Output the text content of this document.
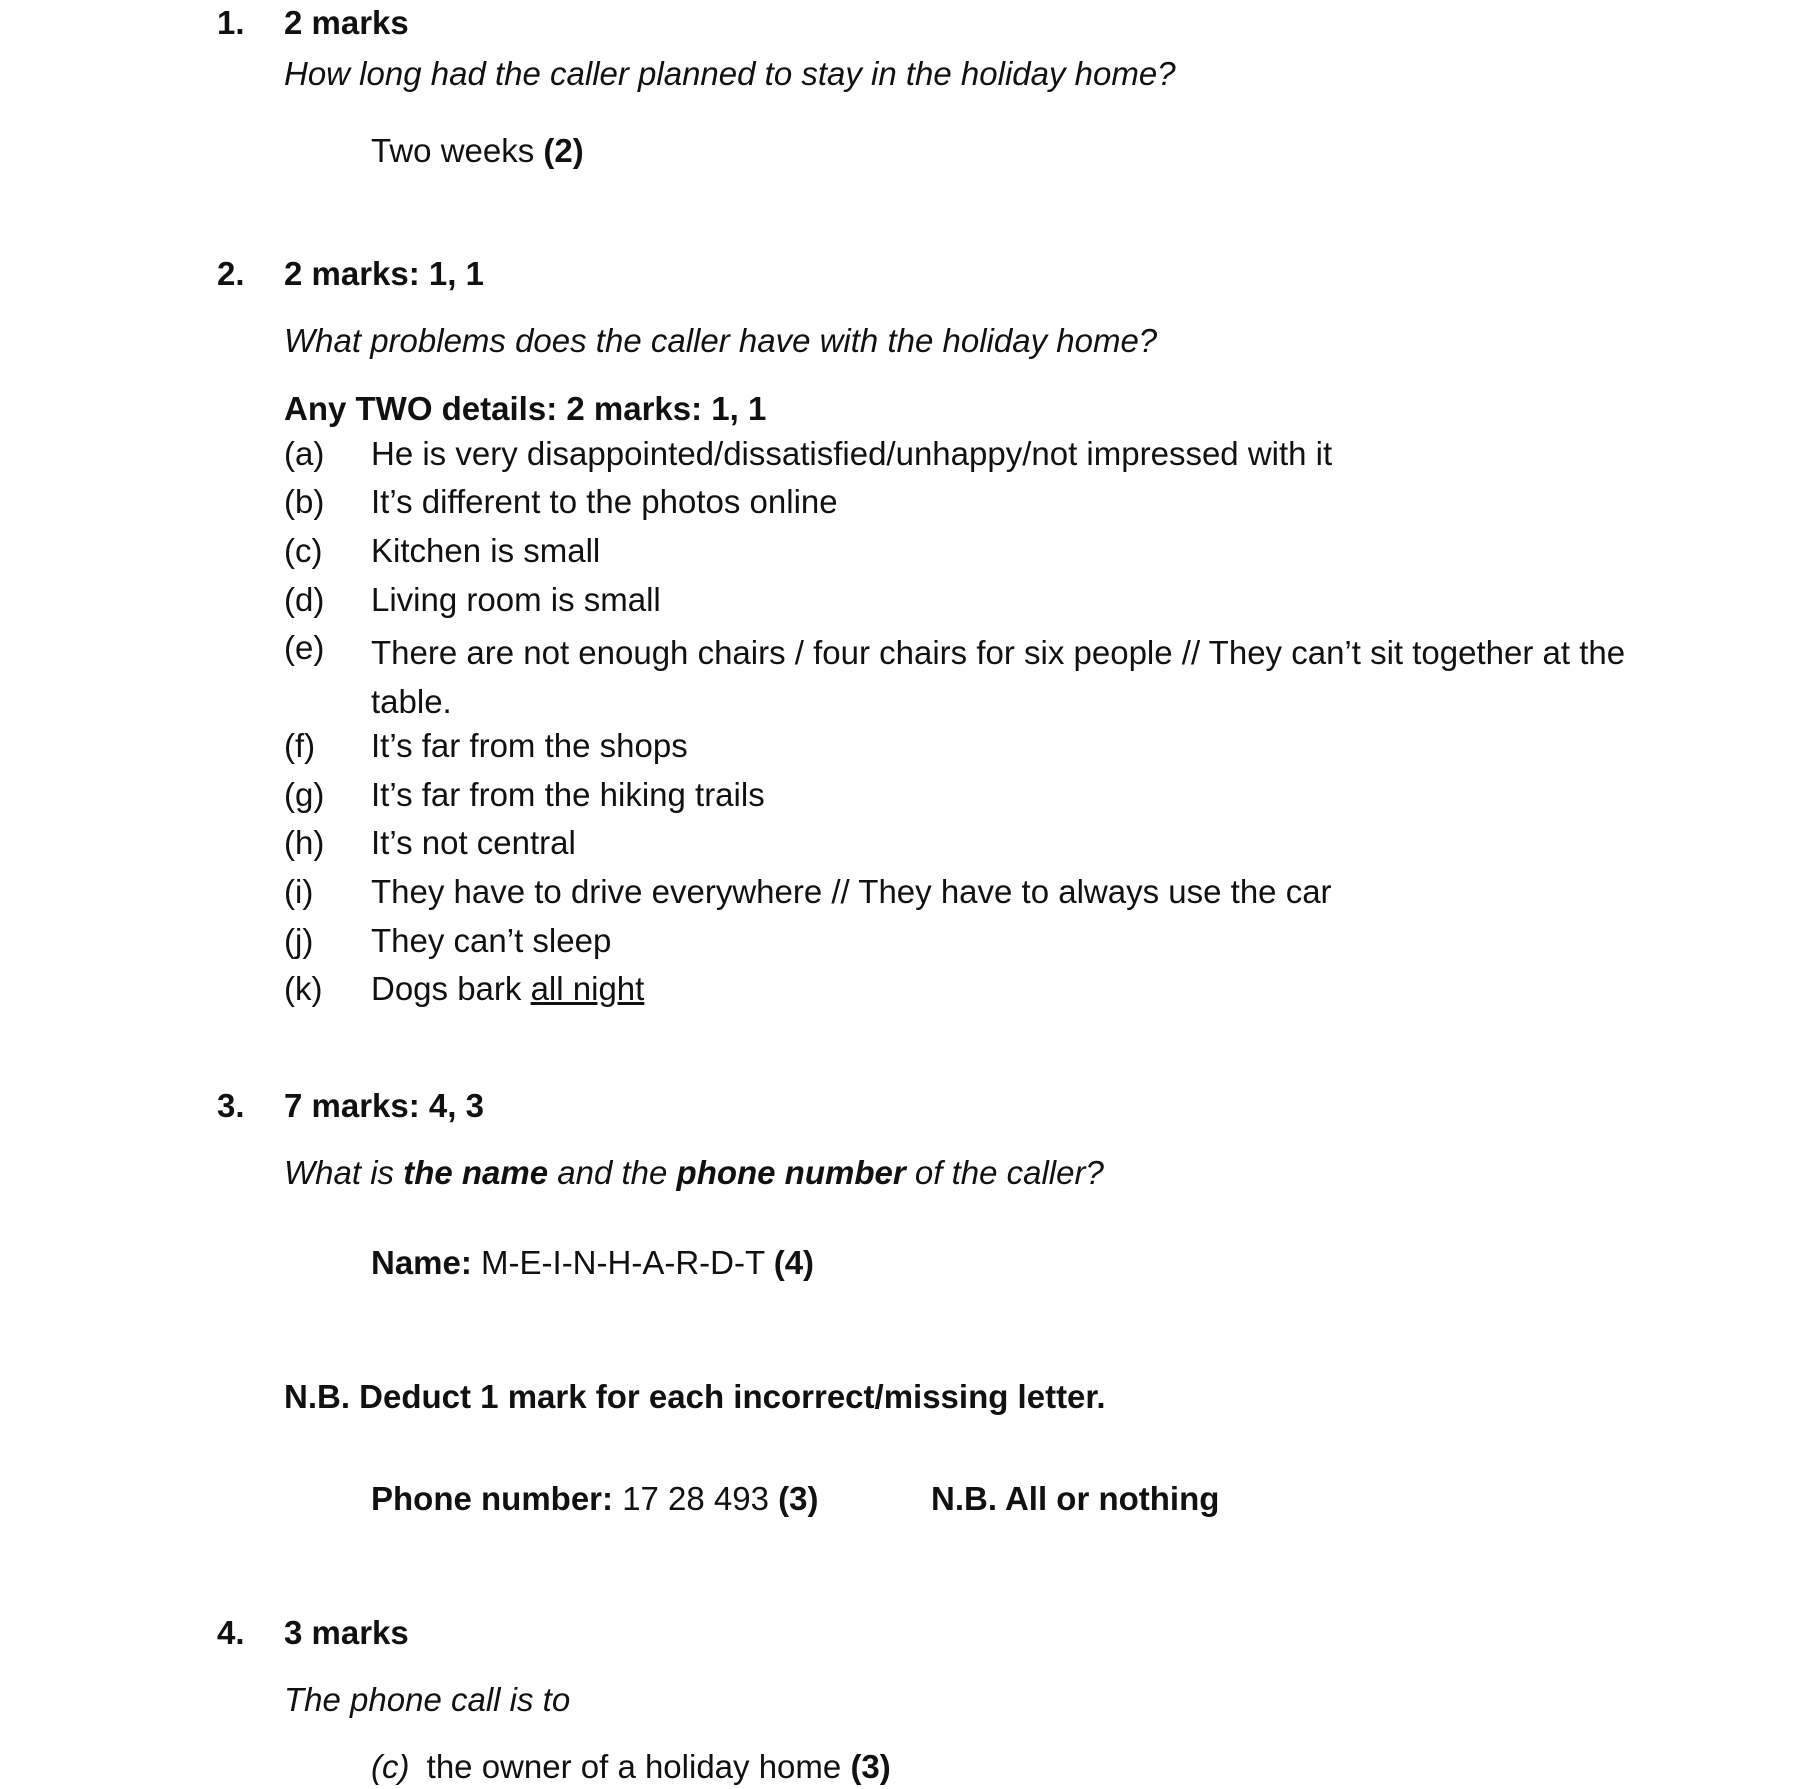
1. 2 marks
How long had the caller planned to stay in the holiday home?
Two weeks (2)
2. 2 marks: 1, 1
What problems does the caller have with the holiday home?
Any TWO details: 2 marks: 1, 1
(a) He is very disappointed/dissatisfied/unhappy/not impressed with it
(b) It’s different to the photos online
(c) Kitchen is small
(d) Living room is small
(e) There are not enough chairs / four chairs for six people // They can’t sit together at the table.
(f) It’s far from the shops
(g) It’s far from the hiking trails
(h) It’s not central
(i) They have to drive everywhere // They have to always use the car
(j) They can’t sleep
(k) Dogs bark all night
3. 7 marks: 4, 3
What is the name and the phone number of the caller?
Name: M-E-I-N-H-A-R-D-T (4)
N.B. Deduct 1 mark for each incorrect/missing letter.
Phone number: 17 28 493 (3)	N.B. All or nothing
4. 3 marks
The phone call is to
(c) the owner of a holiday home (3)
